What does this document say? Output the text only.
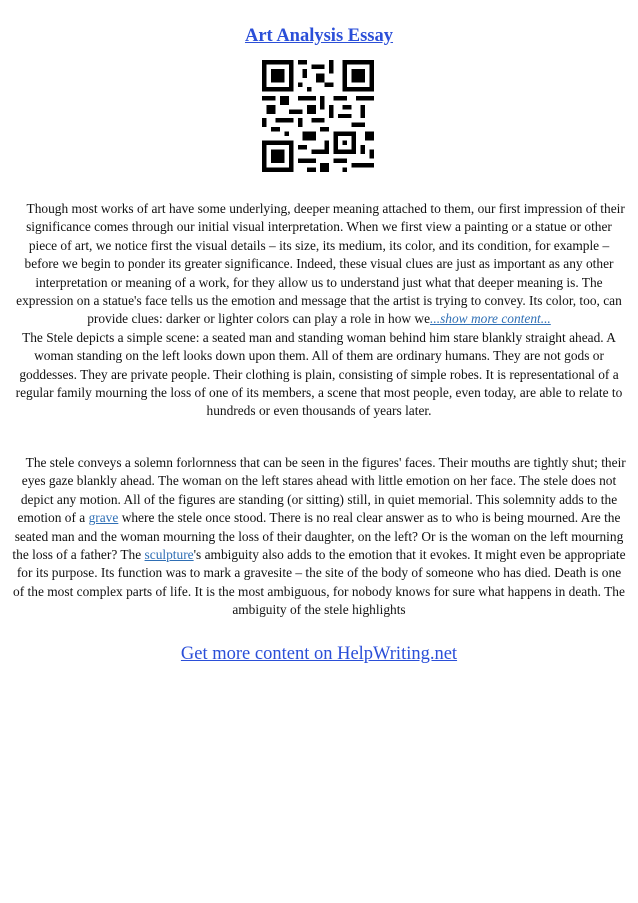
Art Analysis Essay

Though most works of art have some underlying, deeper meaning attached to them, our first impression of their significance comes through our initial visual interpretation. When we first view a painting or a statue or other piece of art, we notice first the visual details – its size, its medium, its color, and its condition, for example – before we begin to ponder its greater significance. Indeed, these visual clues are just as important as any other interpretation or meaning of a work, for they allow us to understand just what that deeper meaning is. The expression on a statue's face tells us the emotion and message that the artist is trying to convey. Its color, too, can provide clues: darker or lighter colors can play a role in how we...show more content...

The Stele depicts a simple scene: a seated man and standing woman behind him stare blankly straight ahead. A woman standing on the left looks down upon them. All of them are ordinary humans. They are not gods or goddesses. They are private people. Their clothing is plain, consisting of simple robes. It is representational of a regular family mourning the loss of one of its members, a scene that most people, even today, are able to relate to hundreds or even thousands of years later.

The stele conveys a solemn forlornness that can be seen in the figures' faces. Their mouths are tightly shut; their eyes gaze blankly ahead. The woman on the left stares ahead with little emotion on her face. The stele does not depict any motion. All of the figures are standing (or sitting) still, in quiet memorial. This solemnity adds to the emotion of a grave where the stele once stood. There is no real clear answer as to who is being mourned. Are the seated man and the woman mourning the loss of their daughter, on the left? Or is the woman on the left mourning the loss of a father? The sculpture's ambiguity also adds to the emotion that it evokes. It might even be appropriate for its purpose. Its function was to mark a gravesite – the site of the body of someone who has died. Death is one of the most complex parts of life. It is the most ambiguous, for nobody knows for sure what happens in death. The ambiguity of the stele highlights

Get more content on HelpWriting.net
